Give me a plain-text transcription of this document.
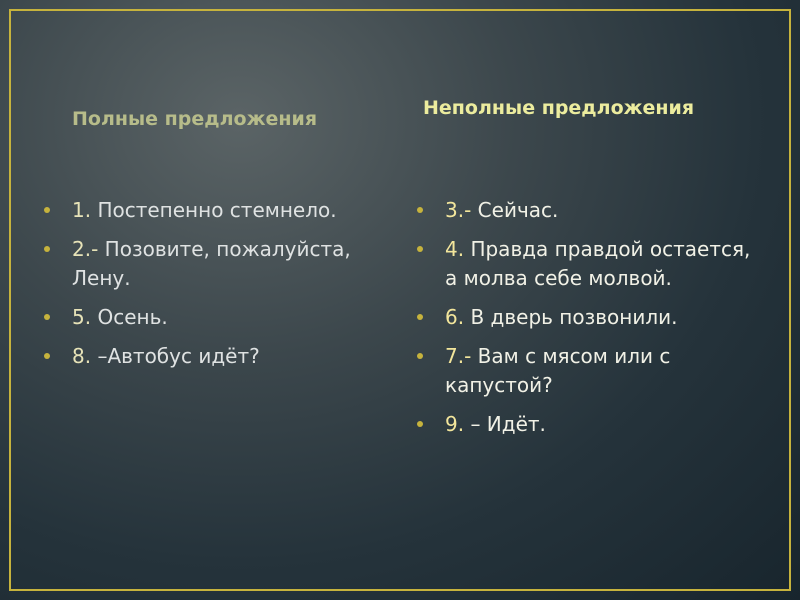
Полные предложения
1. Постепенно стемнело.
2.- Позовите, пожалуйста, Лену.
5. Осень.
8. –Автобус идёт?
Неполные предложения
3.- Сейчас.
4. Правда правдой остается, а молва себе молвой.
6. В дверь позвонили.
7.- Вам с мясом или с капустой?
9. – Идёт.
